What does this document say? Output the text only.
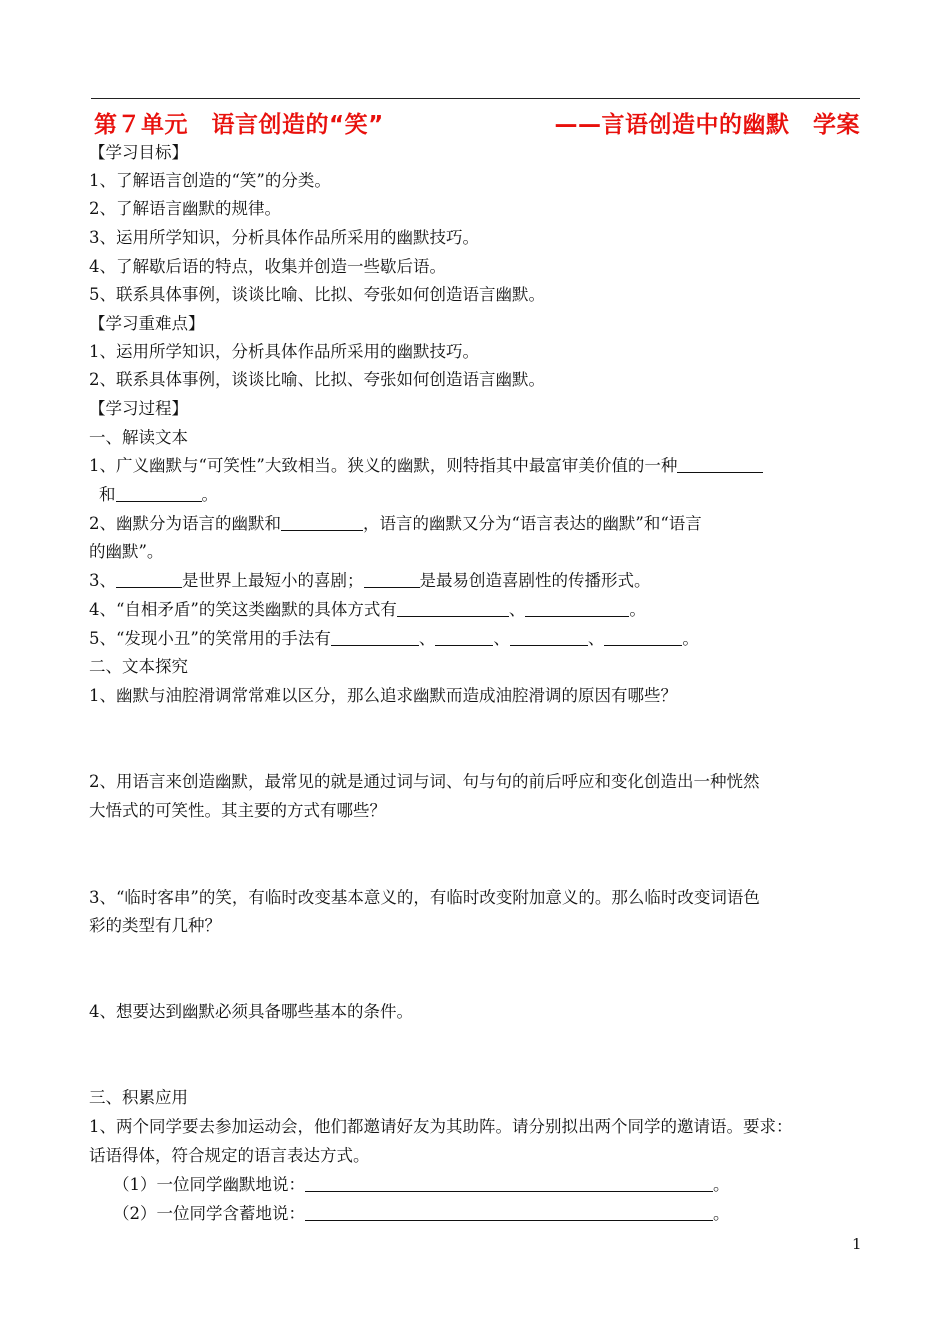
第７单元　语言创造的“笑”	——言语创造中的幽默　学案
【学习目标】
1、了解语言创造的“笑”的分类。
2、了解语言幽默的规律。
3、运用所学知识，分析具体作品所采用的幽默技巧。
4、了解歇后语的特点，收集并创造一些歇后语。
5、联系具体事例，谈谈比喻、比拟、夸张如何创造语言幽默。
【学习重难点】
1、运用所学知识，分析具体作品所采用的幽默技巧。
2、联系具体事例，谈谈比喻、比拟、夸张如何创造语言幽默。
【学习过程】
一、解读文本
1、广义幽默与“可笑性”大致相当。狭义的幽默，则特指其中最富审美价值的一种
和	。
2、幽默分为语言的幽默和	，语言的幽默又分为“语言表达的幽默”和“语言
的幽默”。
3、	是世界上最短小的喜剧；	是最易创造喜剧性的传播形式。
4、“自相矛盾”的笑这类幽默的具体方式有	、	。
5、“发现小丑”的笑常用的手法有	、	、	、	。
二、文本探究
1、幽默与油腔滑调常常难以区分，那么追求幽默而造成油腔滑调的原因有哪些？
2、用语言来创造幽默，最常见的就是通过词与词、句与句的前后呼应和变化创造出一种恍然
大悟式的可笑性。其主要的方式有哪些？
3、“临时客串”的笑，有临时改变基本意义的，有临时改变附加意义的。那么临时改变词语色
彩的类型有几种？
4、想要达到幽默必须具备哪些基本的条件。
三、积累应用
1、两个同学要去参加运动会，他们都邀请好友为其助阵。请分别拟出两个同学的邀请语。要求：
话语得体，符合规定的语言表达方式。
（1）一位同学幽默地说：	。
（2）一位同学含蓄地说：	。
1
